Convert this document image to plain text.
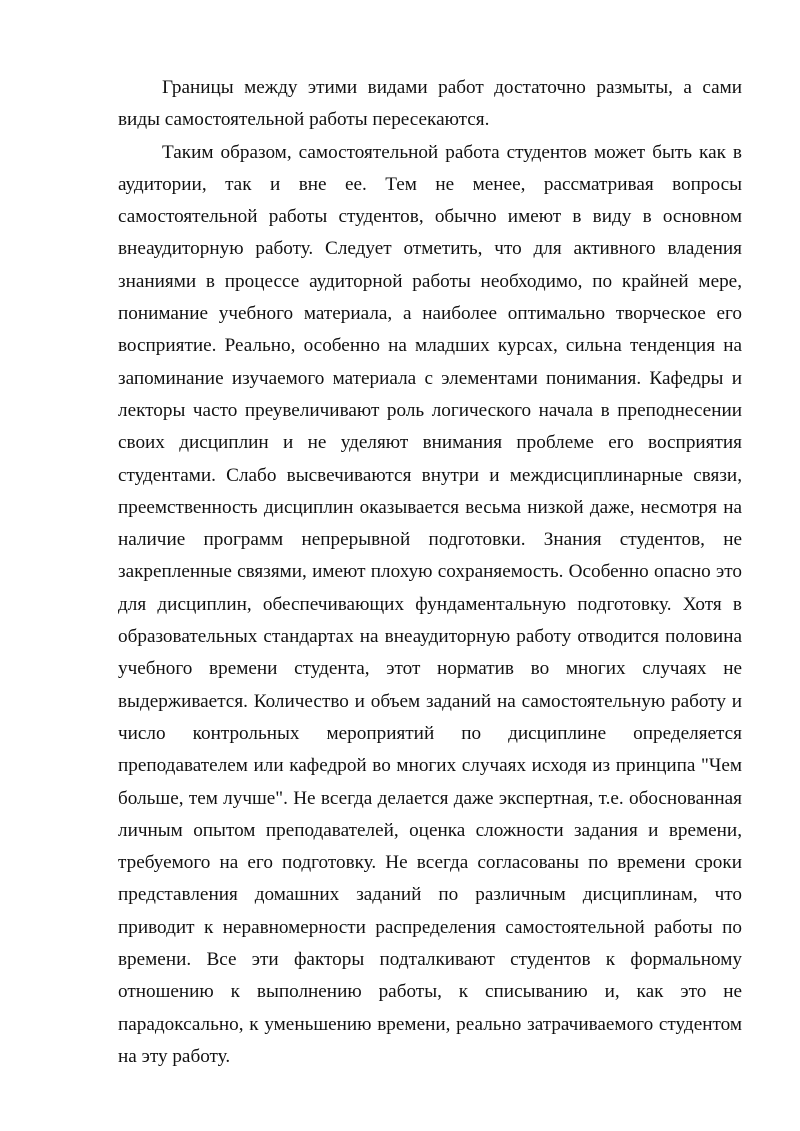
Границы между этими видами работ достаточно размыты, а сами виды самостоятельной работы пересекаются.

Таким образом, самостоятельной работа студентов может быть как в аудитории, так и вне ее. Тем не менее, рассматривая вопросы самостоятельной работы студентов, обычно имеют в виду в основном внеаудиторную работу. Следует отметить, что для активного владения знаниями в процессе аудиторной работы необходимо, по крайней мере, понимание учебного материала, а наиболее оптимально творческое его восприятие. Реально, особенно на младших курсах, сильна тенденция на запоминание изучаемого материала с элементами понимания. Кафедры и лекторы часто преувеличивают роль логического начала в преподнесении своих дисциплин и не уделяют внимания проблеме его восприятия студентами. Слабо высвечиваются внутри и междисциплинарные связи, преемственность дисциплин оказывается весьма низкой даже, несмотря на наличие программ непрерывной подготовки. Знания студентов, не закрепленные связями, имеют плохую сохраняемость. Особенно опасно это для дисциплин, обеспечивающих фундаментальную подготовку. Хотя в образовательных стандартах на внеаудиторную работу отводится половина учебного времени студента, этот норматив во многих случаях не выдерживается. Количество и объем заданий на самостоятельную работу и число контрольных мероприятий по дисциплине определяется преподавателем или кафедрой во многих случаях исходя из принципа "Чем больше, тем лучше". Не всегда делается даже экспертная, т.е. обоснованная личным опытом преподавателей, оценка сложности задания и времени, требуемого на его подготовку. Не всегда согласованы по времени сроки представления домашних заданий по различным дисциплинам, что приводит к неравномерности распределения самостоятельной работы по времени. Все эти факторы подталкивают студентов к формальному отношению к выполнению работы, к списыванию и, как это не парадоксально, к уменьшению времени, реально затрачиваемого студентом на эту работу.
